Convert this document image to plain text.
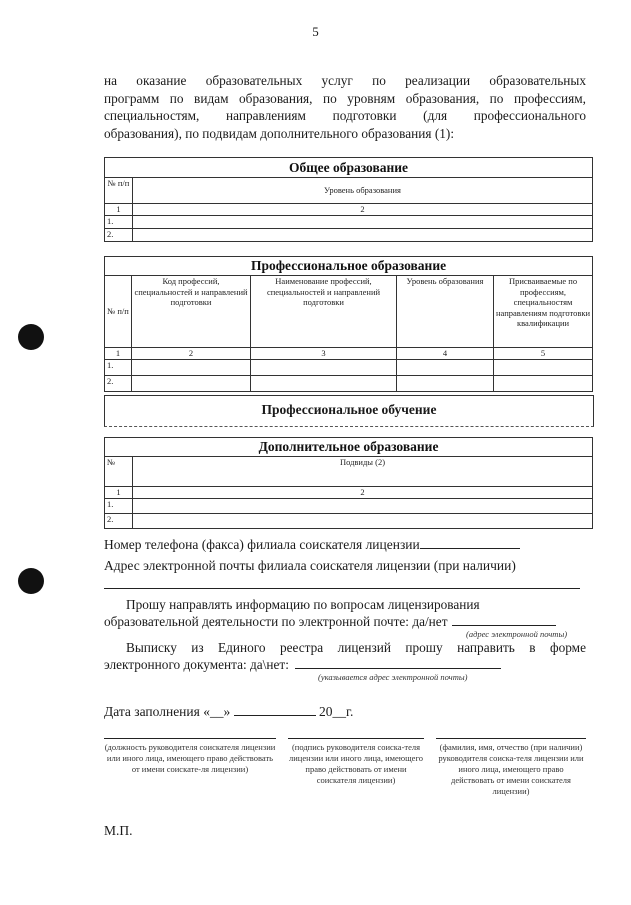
5
на оказание образовательных услуг по реализации образовательных
программ по видам образования, по уровням образования, по профессиям,
специальностям, направлениям подготовки (для профессионального
образования), по подвидам дополнительного образования (1):
Общее образование	
№ п/п	Уровень образования
1	2
1.	
2.	
Профессиональное образование				
№ п/п	Код профессий, специальностей и направлений подготовки	Наименование профессий, специальностей и направлений подготовки	Уровень образования	Присваиваемые по профессиям, специальностям направлениям подготовки квалификации
1	2	3	4	5
1.				
2.				
Профессиональное обучение
Дополнительное образование	
№	Подвиды (2)
1	2
1.	
2.	
Номер телефона (факса) филиала соискателя лицензии
Адрес электронной почты филиала соискателя лицензии (при наличии)
Прошу направлять информацию по вопросам лицензирования
образовательной деятельности по электронной почте: да/нет
(адрес электронной почты)
Выписку из Единого реестра лицензий прошу направить в форме
электронного документа: да\нет:
(указывается адрес электронной почты)
Дата заполнения «__»	20__г.
(должность руководителя соискателя лицензии или иного лица, имеющего право действовать от имени соискате-ля лицензии)
(подпись руководителя соиска-теля лицензии или иного лица, имеющего право действовать от имени соискателя лицензии)
(фамилия, имя, отчество (при наличии) руководителя соиска-теля лицензии или иного лица, имеющего право действовать от имени соискателя лицензии)
М.П.
